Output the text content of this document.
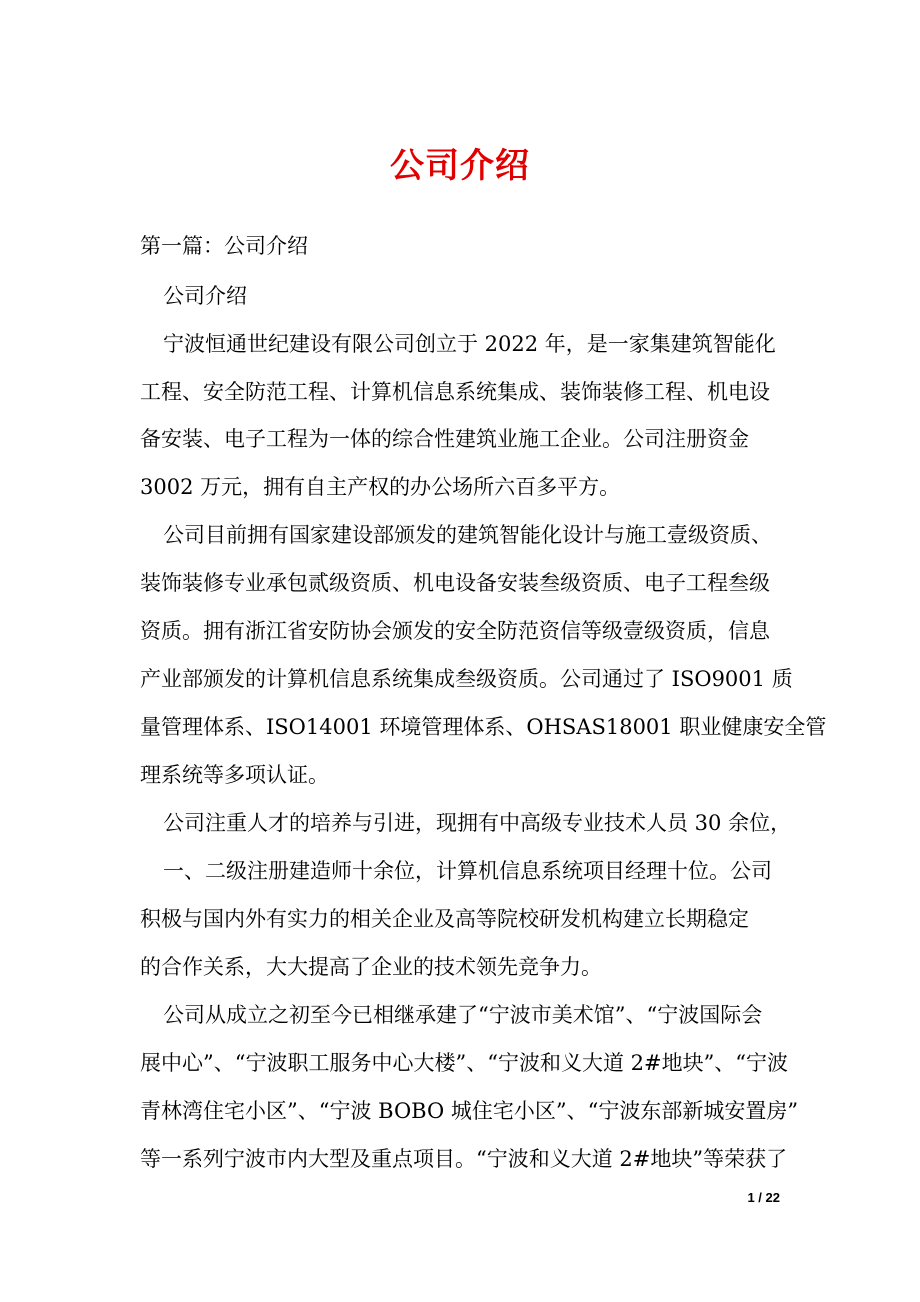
公司介绍
第一篇：公司介绍
公司介绍
宁波恒通世纪建设有限公司创立于 2022 年，是一家集建筑智能化
工程、安全防范工程、计算机信息系统集成、装饰装修工程、机电设
备安装、电子工程为一体的综合性建筑业施工企业。公司注册资金
3002 万元，拥有自主产权的办公场所六百多平方。
公司目前拥有国家建设部颁发的建筑智能化设计与施工壹级资质、
装饰装修专业承包贰级资质、机电设备安装叁级资质、电子工程叁级
资质。拥有浙江省安防协会颁发的安全防范资信等级壹级资质，信息
产业部颁发的计算机信息系统集成叁级资质。公司通过了 ISO9001 质
量管理体系、ISO14001 环境管理体系、OHSAS18001 职业健康安全管
理系统等多项认证。
公司注重人才的培养与引进，现拥有中高级专业技术人员 30 余位，
一、二级注册建造师十余位，计算机信息系统项目经理十位。公司
积极与国内外有实力的相关企业及高等院校研发机构建立长期稳定
的合作关系，大大提高了企业的技术领先竞争力。
公司从成立之初至今已相继承建了“宁波市美术馆”、“宁波国际会
展中心”、“宁波职工服务中心大楼”、“宁波和义大道 2#地块”、“宁波
青林湾住宅小区”、“宁波 BOBO 城住宅小区”、“宁波东部新城安置房”
等一系列宁波市内大型及重点项目。“宁波和义大道 2#地块”等荣获了
1 / 22
